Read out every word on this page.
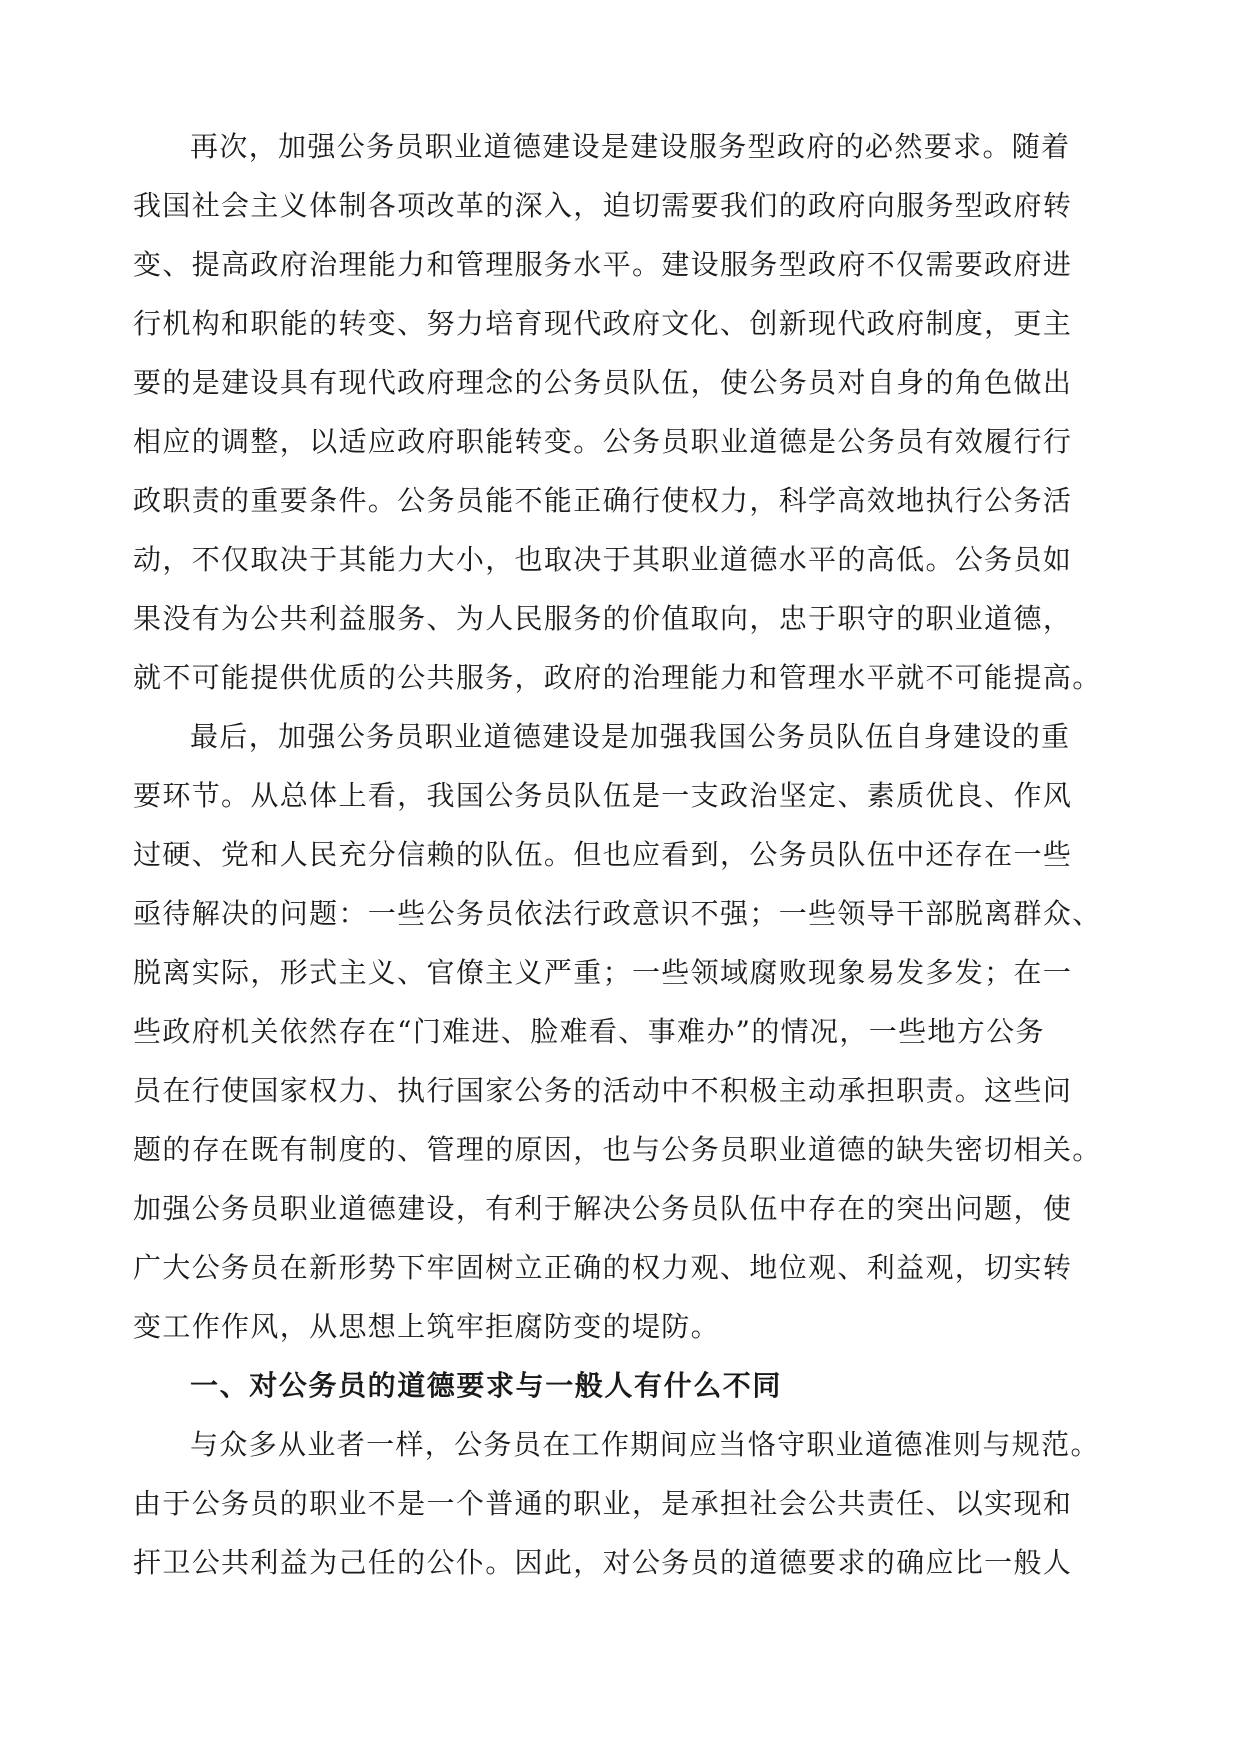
再次，加强公务员职业道德建设是建设服务型政府的必然要求。随着
我国社会主义体制各项改革的深入，迫切需要我们的政府向服务型政府转
变、提高政府治理能力和管理服务水平。建设服务型政府不仅需要政府进
行机构和职能的转变、努力培育现代政府文化、创新现代政府制度，更主
要的是建设具有现代政府理念的公务员队伍，使公务员对自身的角色做出
相应的调整，以适应政府职能转变。公务员职业道德是公务员有效履行行
政职责的重要条件。公务员能不能正确行使权力，科学高效地执行公务活
动，不仅取决于其能力大小，也取决于其职业道德水平的高低。公务员如
果没有为公共利益服务、为人民服务的价值取向，忠于职守的职业道德，
就不可能提供优质的公共服务，政府的治理能力和管理水平就不可能提高。
最后，加强公务员职业道德建设是加强我国公务员队伍自身建设的重
要环节。从总体上看，我国公务员队伍是一支政治坚定、素质优良、作风
过硬、党和人民充分信赖的队伍。但也应看到，公务员队伍中还存在一些
亟待解决的问题：一些公务员依法行政意识不强；一些领导干部脱离群众、
脱离实际，形式主义、官僚主义严重；一些领域腐败现象易发多发；在一
些政府机关依然存在“门难进、脸难看、事难办”的情况，一些地方公务
员在行使国家权力、执行国家公务的活动中不积极主动承担职责。这些问
题的存在既有制度的、管理的原因，也与公务员职业道德的缺失密切相关。
加强公务员职业道德建设，有利于解决公务员队伍中存在的突出问题，使
广大公务员在新形势下牢固树立正确的权力观、地位观、利益观，切实转
变工作作风，从思想上筑牢拒腐防变的堤防。
一、对公务员的道德要求与一般人有什么不同
与众多从业者一样，公务员在工作期间应当恪守职业道德准则与规范。
由于公务员的职业不是一个普通的职业，是承担社会公共责任、以实现和
扞卫公共利益为己任的公仆。因此，对公务员的道德要求的确应比一般人
